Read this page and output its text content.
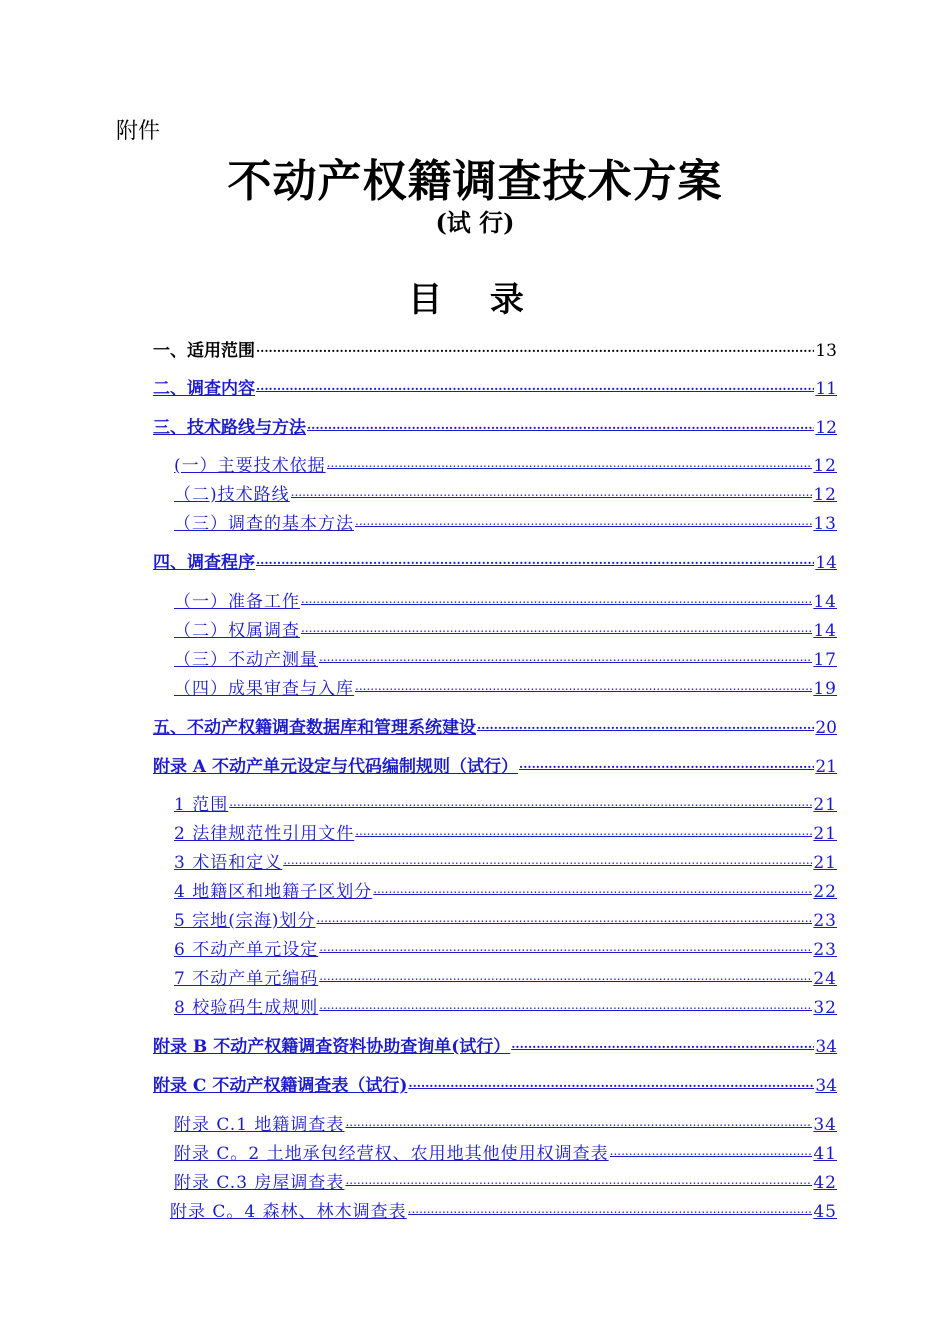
附件
不动产权籍调查技术方案
(试 行)
目 录
一、适用范围 .....	13
二、调查内容 .....	11
三、技术路线与方法 .....	12
(一）主要技术依据 .....	12
（二)技术路线 .....	12
（三）调查的基本方法 .....	13
四、调查程序 .....	14
（一）准备工作 .....	14
（二）权属调查 .....	14
（三）不动产测量 .....	17
（四）成果审查与入库 .....	19
五、不动产权籍调查数据库和管理系统建设 .....	20
附录 A 不动产单元设定与代码编制规则（试行） .....	21
1 范围 .....	21
2 法律规范性引用文件 .....	21
3 术语和定义 .....	21
4 地籍区和地籍子区划分 .....	22
5 宗地(宗海)划分 .....	23
6 不动产单元设定 .....	23
7 不动产单元编码 .....	24
8 校验码生成规则 .....	32
附录 B 不动产权籍调查资料协助查询单(试行） .....	34
附录 C 不动产权籍调查表（试行) .....	34
附录 C.1 地籍调查表 .....	34
附录 C。2 土地承包经营权、农用地其他使用权调查表 .....	41
附录 C.3 房屋调查表 .....	42
附录 C。4 森林、林木调查表 .....	45
